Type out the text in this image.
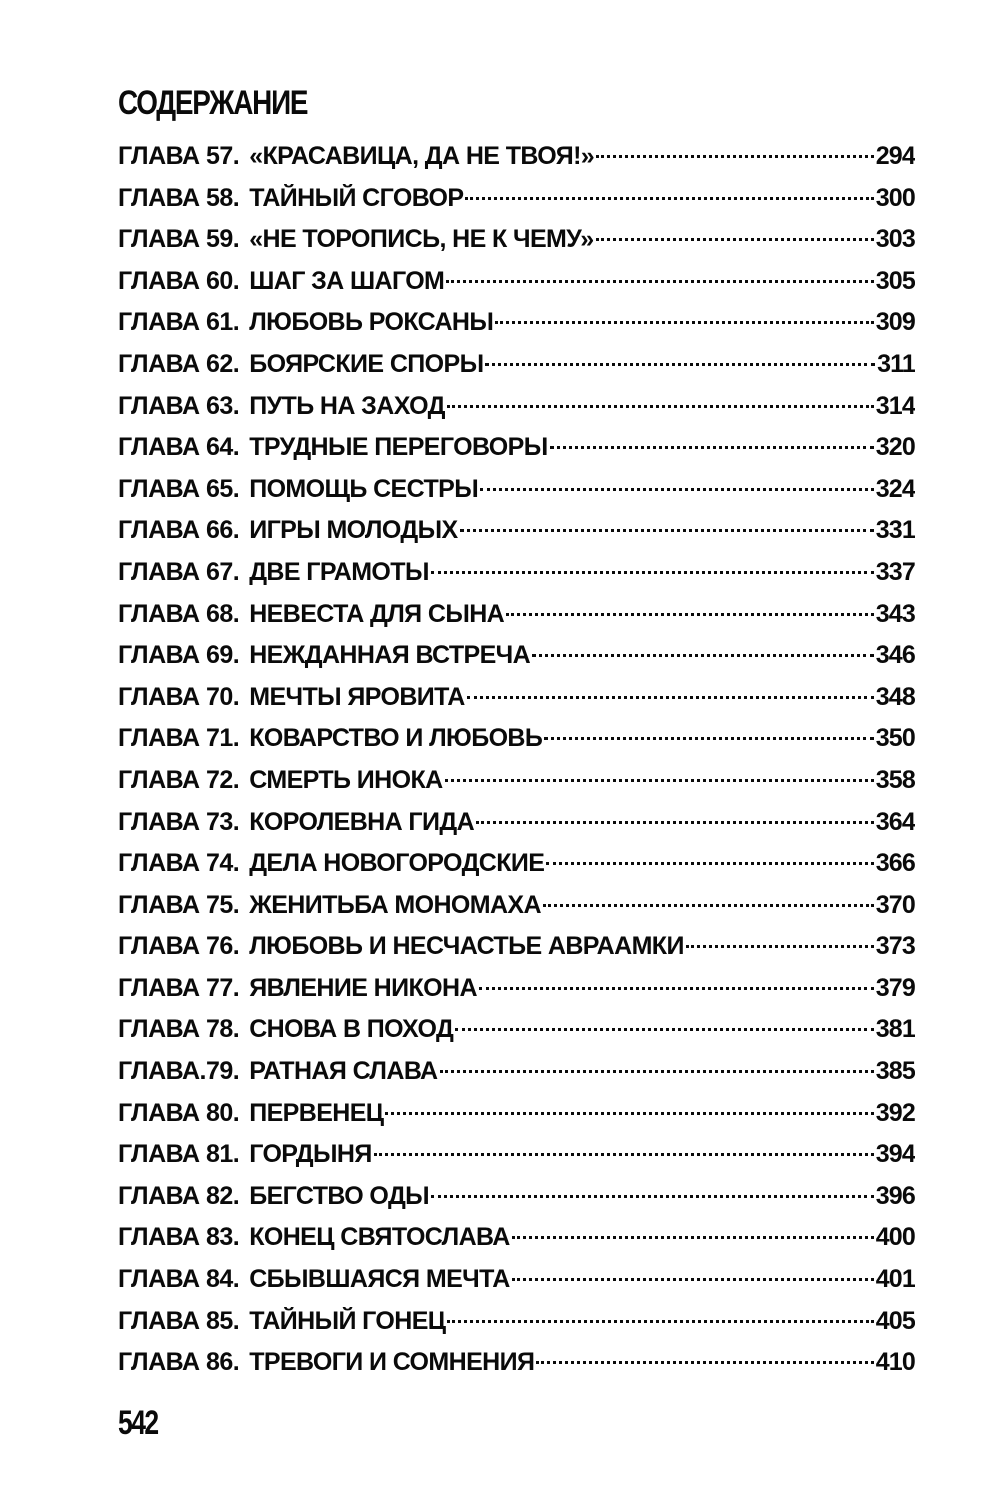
СОДЕРЖАНИЕ
ГЛАВА 57. «КРАСАВИЦА, ДА НЕ ТВОЯ!»	294
ГЛАВА 58. ТАЙНЫЙ СГОВОР	300
ГЛАВА 59. «НЕ ТОРОПИСЬ, НЕ К ЧЕМУ»	303
ГЛАВА 60. ШАГ ЗА ШАГОМ	305
ГЛАВА 61. ЛЮБОВЬ РОКСАНЫ	309
ГЛАВА 62. БОЯРСКИЕ СПОРЫ	311
ГЛАВА 63. ПУТЬ НА ЗАХОД	314
ГЛАВА 64. ТРУДНЫЕ ПЕРЕГОВОРЫ	320
ГЛАВА 65. ПОМОЩЬ СЕСТРЫ	324
ГЛАВА 66. ИГРЫ МОЛОДЫХ	331
ГЛАВА 67. ДВЕ ГРАМОТЫ	337
ГЛАВА 68. НЕВЕСТА ДЛЯ СЫНА	343
ГЛАВА 69. НЕЖДАННАЯ ВСТРЕЧА	346
ГЛАВА 70. МЕЧТЫ ЯРОВИТА	348
ГЛАВА 71. КОВАРСТВО И ЛЮБОВЬ	350
ГЛАВА 72. СМЕРТЬ ИНОКА	358
ГЛАВА 73. КОРОЛЕВНА ГИДА	364
ГЛАВА 74. ДЕЛА НОВОГОРОДСКИЕ	366
ГЛАВА 75. ЖЕНИТЬБА МОНОМАХА	370
ГЛАВА 76. ЛЮБОВЬ И НЕСЧАСТЬЕ АВРААМКИ	373
ГЛАВА 77. ЯВЛЕНИЕ НИКОНА	379
ГЛАВА 78. СНОВА В ПОХОД	381
ГЛАВА.79. РАТНАЯ СЛАВА	385
ГЛАВА 80. ПЕРВЕНЕЦ	392
ГЛАВА 81. ГОРДЫНЯ	394
ГЛАВА 82. БЕГСТВО ОДЫ	396
ГЛАВА 83. КОНЕЦ СВЯТОСЛАВА	400
ГЛАВА 84. СБЫВШАЯСЯ МЕЧТА	401
ГЛАВА 85. ТАЙНЫЙ ГОНЕЦ	405
ГЛАВА 86. ТРЕВОГИ И СОМНЕНИЯ	410
542
